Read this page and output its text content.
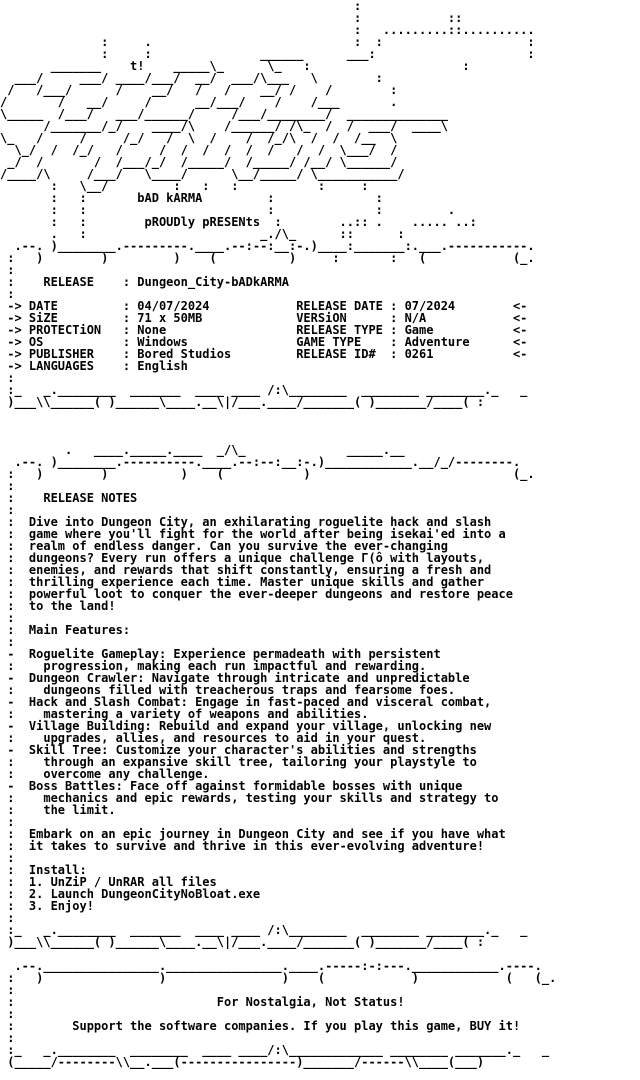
:
:            ::
:   .........::..........
:     .                            :  :                    :
:     :               ______      ___:                     :
_______    t!    _____\_      \_   :                     :
___/     ___/ ____/___/  __/  ___/\___   \        :
/   /___/      /    __/   /   /    __/ /    /        :
/       /   __/     /      __/___/    /    /___       .
\_____  /___/   ___/______/     /___/________/  ______________
/_______/_/    ____/\    /______/ /\_  /  /  ___/  ____\
\_   /     /     /_/   /  \  /    /  /_/\  /  /  /__  \
\_/  /  /_/   /     /  /  /  /  /  /   /  /  \___/  /
_/  /       /  /___/_/  /_____/  /_____/ /__/ \______/
/____/\     /___/   \____/      \__/_____/ \___________/
:   \__/         :   :   :           :     :
:   :       bAD kARMA         :              :
:   :                         :              :         .
:   :        pROUDly pRESENts  :        ..:: .    ..... ..:
.   :                        _./\_      ::      :
.--. )________.---------.____.--:--:__:-.)____:_______:.___.-----------.
:   )        )         )    (          )     :       :   (            (_.
:
:    RELEASE    : Dungeon_City-bADkARMA
:
-> DATE         : 04/07/2024            RELEASE DATE : 07/2024        <-
-> SiZE         : 71 x 50MB             VERSiON      : N/A            <-
-> PROTECTiON   : None                  RELEASE TYPE : Game           <-
-> OS           : Windows               GAME TYPE    : Adventure      <-
-> PUBLISHER    : Bored Studios         RELEASE ID#  : 0261           <-
-> LANGUAGES    : English
:
:_   _.________  _______  ____ ____ /:\________  ________ ________._   _
)___\\______( )______\____.__\|/___.____/_______( )_______/____( :
.   ____._____.____  _/\_              _____.__
.--. )________.----------.____.--:--:__:-.)____________.__/_/--------.
:   )        )          )    (           )                            (_.
:
:    RELEASE NOTES
:
:  Dive into Dungeon City, an exhilarating roguelite hack and slash
:  game where you'll fight for the world after being isekai'ed into a
:  realm of endless danger. Can you survive the ever-changing
:  dungeons? Every run offers a unique challenge Γ(ô with layouts,
:  enemies, and rewards that shift constantly, ensuring a fresh and
:  thrilling experience each time. Master unique skills and gather
:  powerful loot to conquer the ever-deeper dungeons and restore peace
:  to the land!
:
:  Main Features:
:
-  Roguelite Gameplay: Experience permadeath with persistent
:    progression, making each run impactful and rewarding.
-  Dungeon Crawler: Navigate through intricate and unpredictable
:    dungeons filled with treacherous traps and fearsome foes.
-  Hack and Slash Combat: Engage in fast-paced and visceral combat,
:    mastering a variety of weapons and abilities.
-  Village Building: Rebuild and expand your village, unlocking new
:    upgrades, allies, and resources to aid in your quest.
-  Skill Tree: Customize your character's abilities and strengths
:    through an expansive skill tree, tailoring your playstyle to
:    overcome any challenge.
-  Boss Battles: Face off against formidable bosses with unique
:    mechanics and epic rewards, testing your skills and strategy to
:    the limit.
:
:  Embark on an epic journey in Dungeon City and see if you have what
:  it takes to survive and thrive in this ever-evolving adventure!
:
:  Install:
:  1. UnZiP / UnRAR all files
:  2. Launch DungeonCityNoBloat.exe
:  3. Enjoy!
:
:_   _.________  _______  ____ ____ /:\________  ________ ________._   _
)___\\______( )______\____.__\|/___.____/_______( )_______/____( :
.--.________________.________________.____.-----:-:---.____________.----.
:   )                )                )    (            )            (   (_.
:
:                            For Nostalgia, Not Status!
:
:        Support the software companies. If you play this game, BUY it!
:
:_   _.________  ________  ____ ____/:\_____________ ________ _______._   _
(_____/--------\\__.___(----------------)_______/------\\____(___)
